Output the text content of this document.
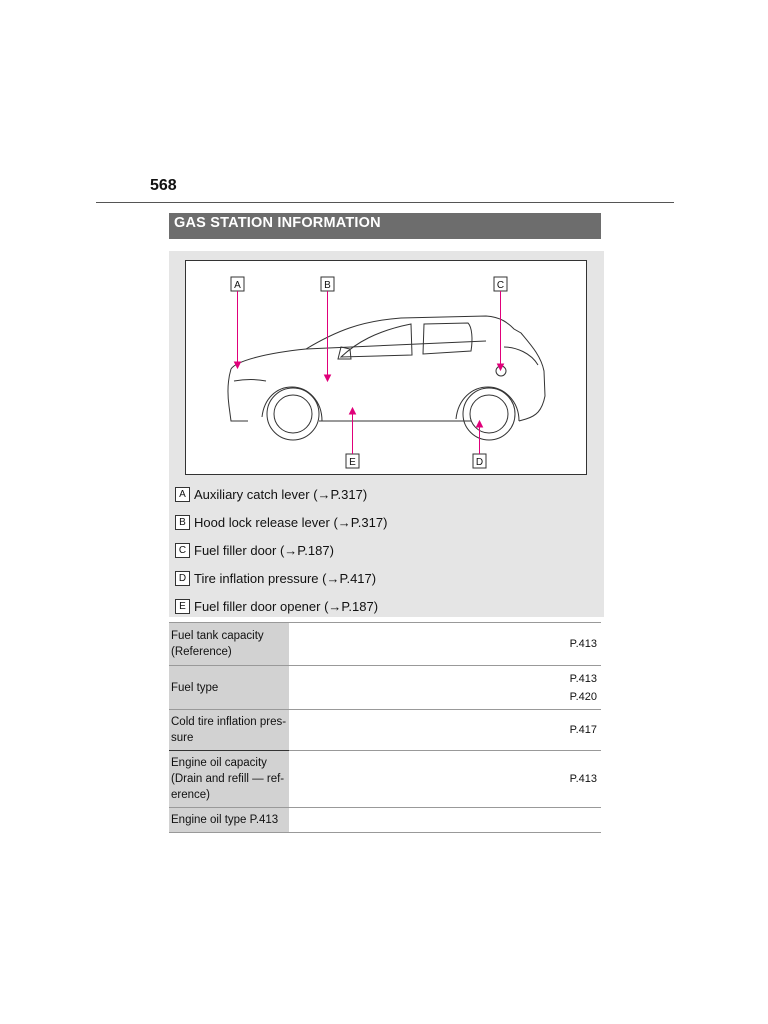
568
GAS STATION INFORMATION
A	B	C
D
E
A Auxiliary catch lever (→P.317)
B Hood lock release lever (→P.317)
C Fuel filler door (→P.187)
D Tire inflation pressure (→P.417)
E Fuel filler door opener (→P.187)
Fuel tank capacity
(Reference)	P.413

Fuel type	P.413
P.420

Cold tire inflation pres-
sure	P.417

Engine oil capacity
(Drain and refill — ref-
erence)	P.413

Engine oil type P.413	
